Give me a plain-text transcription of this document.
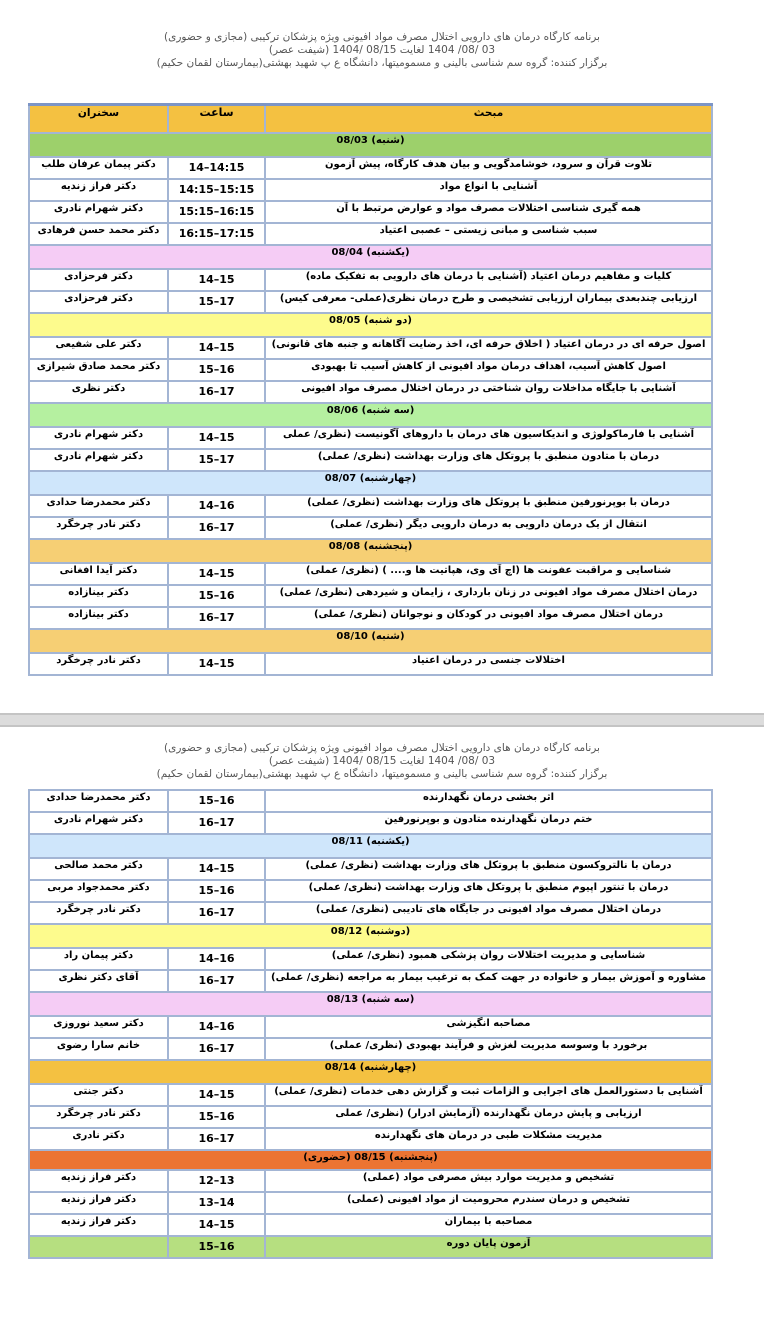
برنامه کارگاه درمان های دارویی اختلال مصرف مواد افیونی ویژه پزشکان ترکیبی (مجازی و حضوری)
03 /08/ 1404 لغایت 08/15 /1404 (شیفت عصر)
برگزار کننده: گروه سم شناسی بالینی و مسمومیتها، دانشگاه ع پ شهید بهشتی(بیمارستان لقمان حکیم)
سخنران	ساعت	مبحث
(شنبه) 08/03		
دکتر پیمان عرفان طلب	14–14:15	تلاوت قرآن و سرود، خوشامدگویی و بیان هدف کارگاه، پیش آزمون
دکتر فراز زندیه	14:15–15:15	آشنایی با انواع مواد
دکتر شهرام نادری	15:15–16:15	همه گیری شناسی اختلالات مصرف مواد و عوارض مرتبط با آن
دکتر محمد حسن فرهادی	16:15–17:15	سبب شناسی و مبانی زیستی – عصبی اعتیاد
(یکشنبه) 08/04		
دکتر فرحزادی	14–15	کلیات و مفاهیم درمان اعتیاد (آشنایی با درمان های دارویی به تفکیک ماده)
دکتر فرحزادی	15–17	ارزیابی چندبعدی بیماران ارزیابی تشخیصی و طرح درمان نظری(عملی- معرفی کیس)
(دو شنبه) 08/05		
دکتر علی شفیعی	14–15	اصول حرفه ای در درمان اعتیاد ( اخلاق حرفه ای، اخذ رضایت آگاهانه و جنبه های قانونی)
دکتر محمد صادق شیرازی	15–16	اصول کاهش آسیب، اهداف درمان مواد افیونی از کاهش آسیب تا بهبودی
دکتر نظری	16–17	آشنایی با جایگاه مداخلات روان شناختی در درمان اختلال مصرف مواد افیونی
(سه شنبه) 08/06		
دکتر شهرام نادری	14–15	آشنایی با فارماکولوژی و اندیکاسیون های درمان با داروهای آگونیست (نظری/ عملی
دکتر شهرام نادری	15–17	درمان با متادون منطبق با پروتکل های وزارت بهداشت (نظری/ عملی)
(چهارشنبه) 08/07		
دکتر محمدرضا حدادی	14–16	درمان با بوپرنورفین منطبق با پروتکل های وزارت بهداشت (نظری/ عملی)
دکتر نادر چرخگرد	16–17	انتقال از یک درمان دارویی به درمان دارویی دیگر (نظری/ عملی)
(پنجشنبه) 08/08		
دکتر آیدا افغانی	14–15	شناسایی و مراقبت عفونت ها (اچ آی وی، هپاتیت ها و.... ) (نظری/ عملی)
دکتر بینازاده	15–16	درمان اختلال مصرف مواد افیونی در زنان بارداری ، زایمان و شیردهی (نظری/ عملی)
دکتر بینازاده	16–17	درمان اختلال مصرف مواد افیونی در کودکان و نوجوانان (نظری/ عملی)
(شنبه) 08/10		
دکتر نادر چرخگرد	14–15	اختلالات جنسی در درمان اعتیاد
برنامه کارگاه درمان های دارویی اختلال مصرف مواد افیونی ویژه پزشکان ترکیبی (مجازی و حضوری)
03 /08/ 1404 لغایت 08/15 /1404 (شیفت عصر)
برگزار کننده: گروه سم شناسی بالینی و مسمومیتها، دانشگاه ع پ شهید بهشتی(بیمارستان لقمان حکیم)
دکتر محمدرضا حدادی	15–16	اثر بخشی درمان نگهدارنده
دکتر شهرام نادری	16–17	ختم درمان نگهدارنده متادون و بوپرنورفین
(یکشنبه) 08/11		
دکتر محمد صالحی	14–15	درمان با نالتروکسون منطبق با پروتکل های وزارت بهداشت (نظری/ عملی)
دکتر محمدجواد مربی	15–16	درمان با تنتور اپیوم منطبق با پروتکل های وزارت بهداشت (نظری/ عملی)
دکتر نادر چرخگرد	16–17	درمان اختلال مصرف مواد افیونی در جایگاه های تادیبی (نظری/ عملی)
(دوشنبه) 08/12		
دکتر پیمان راد	14–16	شناسایی و مدیریت اختلالات روان پزشکی همبود (نظری/ عملی)
آقای دکتر نظری	16–17	مشاوره و آموزش بیمار و خانواده در جهت کمک به ترغیب بیمار به مراجعه (نظری/ عملی)
(سه شنبه) 08/13		
دکتر سعید نوروزی	14–16	مصاحبه انگیزشی
خانم سارا رضوی	16–17	برخورد با وسوسه مدیریت لغزش و فرآیند بهبودی (نظری/ عملی)
(چهارشنبه) 08/14		
دکتر جنتی	14–15	آشنایی با دستورالعمل های اجرایی و الزامات ثبت و گزارش دهی خدمات (نظری/ عملی)
دکتر نادر چرخگرد	15–16	ارزیابی و پایش درمان نگهدارنده (آزمایش ادرار) (نظری/ عملی
دکتر نادری	16–17	مدیریت مشکلات طبی در درمان های نگهدارنده
(پنجشنبه) 08/15 (حضوری)		
دکتر فراز زندیه	12–13	تشخیص و مدیریت موارد بیش مصرفی مواد (عملی)
دکتر فراز زندیه	13–14	تشخیص و درمان سندرم محرومیت از مواد افیونی (عملی)
دکتر فراز زندیه	14–15	مصاحبه با بیماران
	15–16	آزمون پایان دوره
